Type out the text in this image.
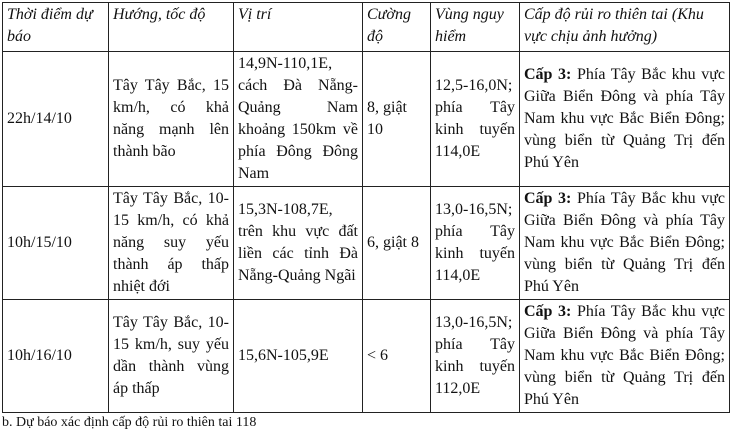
Thời điểm dự báo	Hướng, tốc độ	Vị trí	Cường độ	Vùng nguy hiểm	Cấp độ rủi ro thiên tai (Khu vực chịu ảnh hưởng)
22h/14/10	Tây Tây Bắc, 15 km/h, có khả năng mạnh lên thành bão	14,9N-110,1E, cách Đà Nẵng-Quảng Nam khoảng 150km về phía Đông Đông Nam	8, giật 10	12,5-16,0N; phía Tây kinh tuyến 114,0E	Cấp 3: Phía Tây Bắc khu vực Giữa Biển Đông và phía Tây Nam khu vực Bắc Biển Đông; vùng biển từ Quảng Trị đến Phú Yên
10h/15/10	Tây Tây Bắc, 10-15 km/h, có khả năng suy yếu thành áp thấp nhiệt đới	15,3N-108,7E, trên khu vực đất liền các tỉnh Đà Nẵng-Quảng Ngãi	6, giật 8	13,0-16,5N; phía Tây kinh tuyến 114,0E	Cấp 3: Phía Tây Bắc khu vực Giữa Biển Đông và phía Tây Nam khu vực Bắc Biển Đông; vùng biển từ Quảng Trị đến Phú Yên
10h/16/10	Tây Tây Bắc, 10-15 km/h, suy yếu dần thành vùng áp thấp	15,6N-105,9E	< 6	13,0-16,5N; phía Tây kinh tuyến 112,0E	Cấp 3: Phía Tây Bắc khu vực Giữa Biển Đông và phía Tây Nam khu vực Bắc Biển Đông; vùng biển từ Quảng Trị đến Phú Yên
b. Dự báo xác định cấp độ rủi ro thiên tai 118
